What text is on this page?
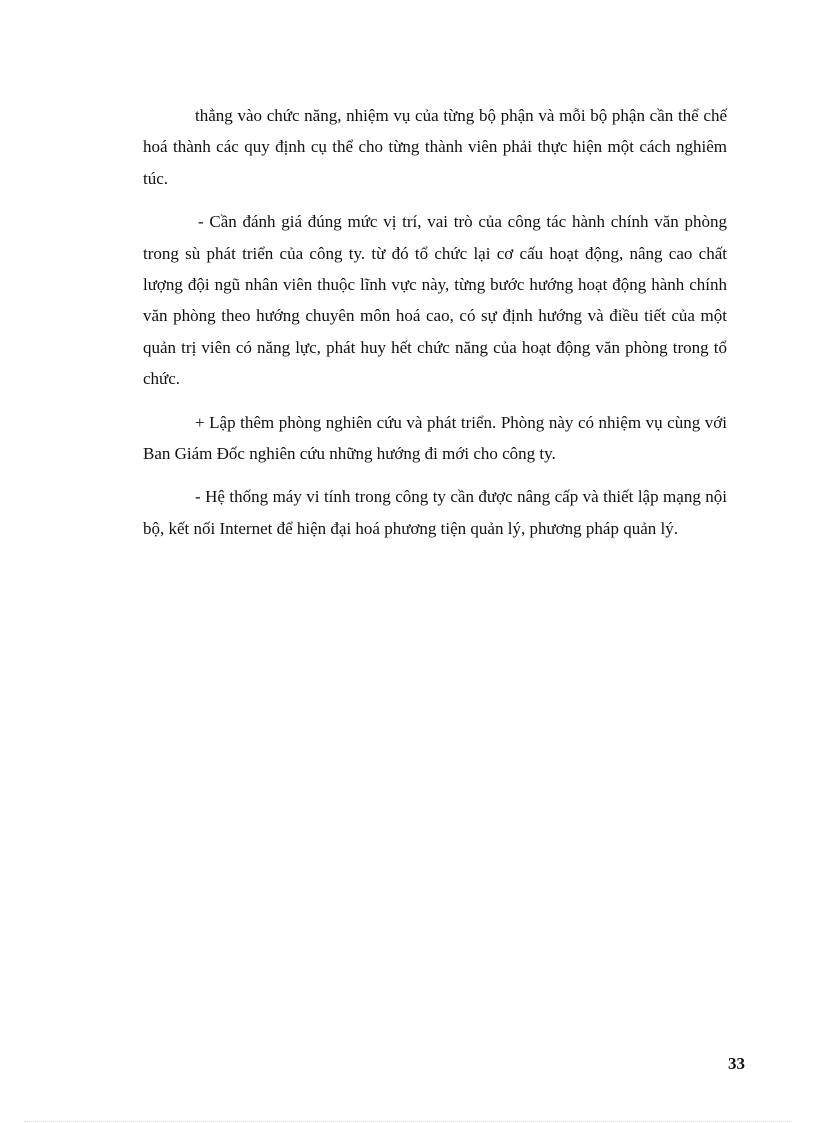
thẳng vào chức năng, nhiệm vụ của từng bộ phận và mỗi bộ phận cần thể chế hoá thành các quy định cụ thể cho từng thành viên phải thực hiện một cách nghiêm túc.

- Cần đánh giá đúng mức vị trí, vai trò của công tác hành chính văn phòng trong sù phát triển của công ty. từ đó tổ chức lại cơ cấu hoạt động, nâng cao chất lượng đội ngũ nhân viên thuộc lĩnh vực này, từng bước hướng hoạt động hành chính văn phòng theo hướng chuyên môn hoá cao, có sự định hướng và điều tiết của một quản trị viên có năng lực, phát huy hết chức năng của hoạt động văn phòng trong tổ chức.

+ Lập thêm phòng nghiên cứu và phát triển. Phòng này có nhiệm vụ cùng với Ban Giám Đốc nghiên cứu những hướng đi mới cho công ty.

- Hệ thống máy vi tính trong công ty cần được nâng cấp và thiết lập mạng nội bộ, kết nối Internet để hiện đại hoá phương tiện quản lý, phương pháp quản lý.

33
